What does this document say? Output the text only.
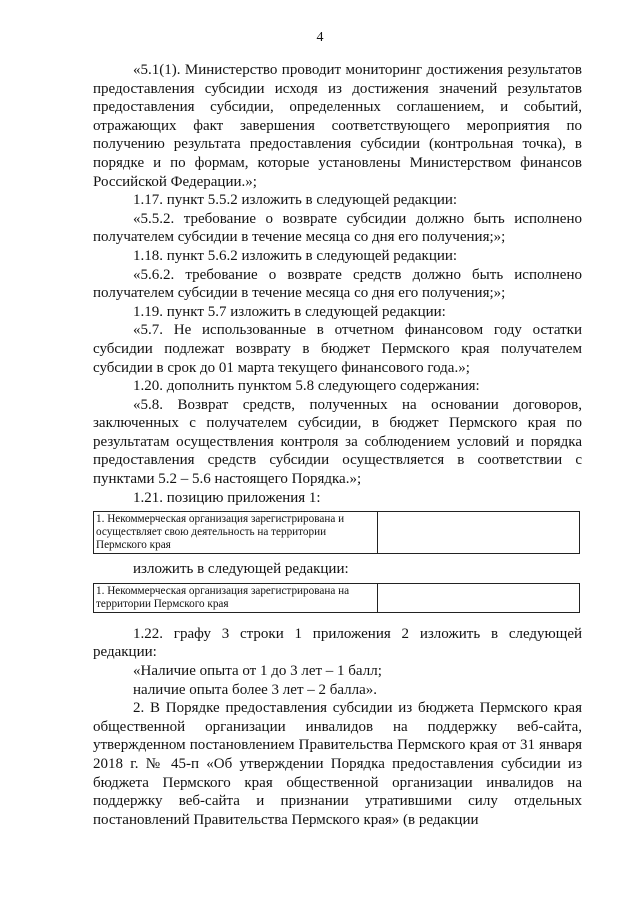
4

«5.1(1). Министерство проводит мониторинг достижения результатов предоставления субсидии исходя из достижения значений результатов предоставления субсидии, определенных соглашением, и событий, отражающих факт завершения соответствующего мероприятия по получению результата предоставления субсидии (контрольная точка), в порядке и по формам, которые установлены Министерством финансов Российской Федерации.»;

1.17. пункт 5.5.2 изложить в следующей редакции:

«5.5.2. требование о возврате субсидии должно быть исполнено получателем субсидии в течение месяца со дня его получения;»;

1.18. пункт 5.6.2 изложить в следующей редакции:

«5.6.2. требование о возврате средств должно быть исполнено получателем субсидии в течение месяца со дня его получения;»;

1.19. пункт 5.7 изложить в следующей редакции:

«5.7. Не использованные в отчетном финансовом году остатки субсидии подлежат возврату в бюджет Пермского края получателем субсидии в срок до 01 марта текущего финансового года.»;

1.20. дополнить пунктом 5.8 следующего содержания:

«5.8. Возврат средств, полученных на основании договоров, заключенных с получателем субсидии, в бюджет Пермского края по результатам осуществления контроля за соблюдением условий и порядка предоставления средств субсидии осуществляется в соответствии с пунктами 5.2 – 5.6 настоящего Порядка.»;

1.21. позицию приложения 1:

1. Некоммерческая организация зарегистрирована и осуществляет свою деятельность на территории Пермского края	

изложить в следующей редакции:

1. Некоммерческая организация зарегистрирована на территории Пермского края	

1.22. графу 3 строки 1 приложения 2 изложить в следующей редакции:

«Наличие опыта от 1 до 3 лет – 1 балл;

наличие опыта более 3 лет – 2 балла».

2. В Порядке предоставления субсидии из бюджета Пермского края общественной организации инвалидов на поддержку веб-сайта, утвержденном постановлением Правительства Пермского края от 31 января 2018 г. № 45-п «Об утверждении Порядка предоставления субсидии из бюджета Пермского края общественной организации инвалидов на поддержку веб-сайта и признании утратившими силу отдельных постановлений Правительства Пермского края» (в редакции
